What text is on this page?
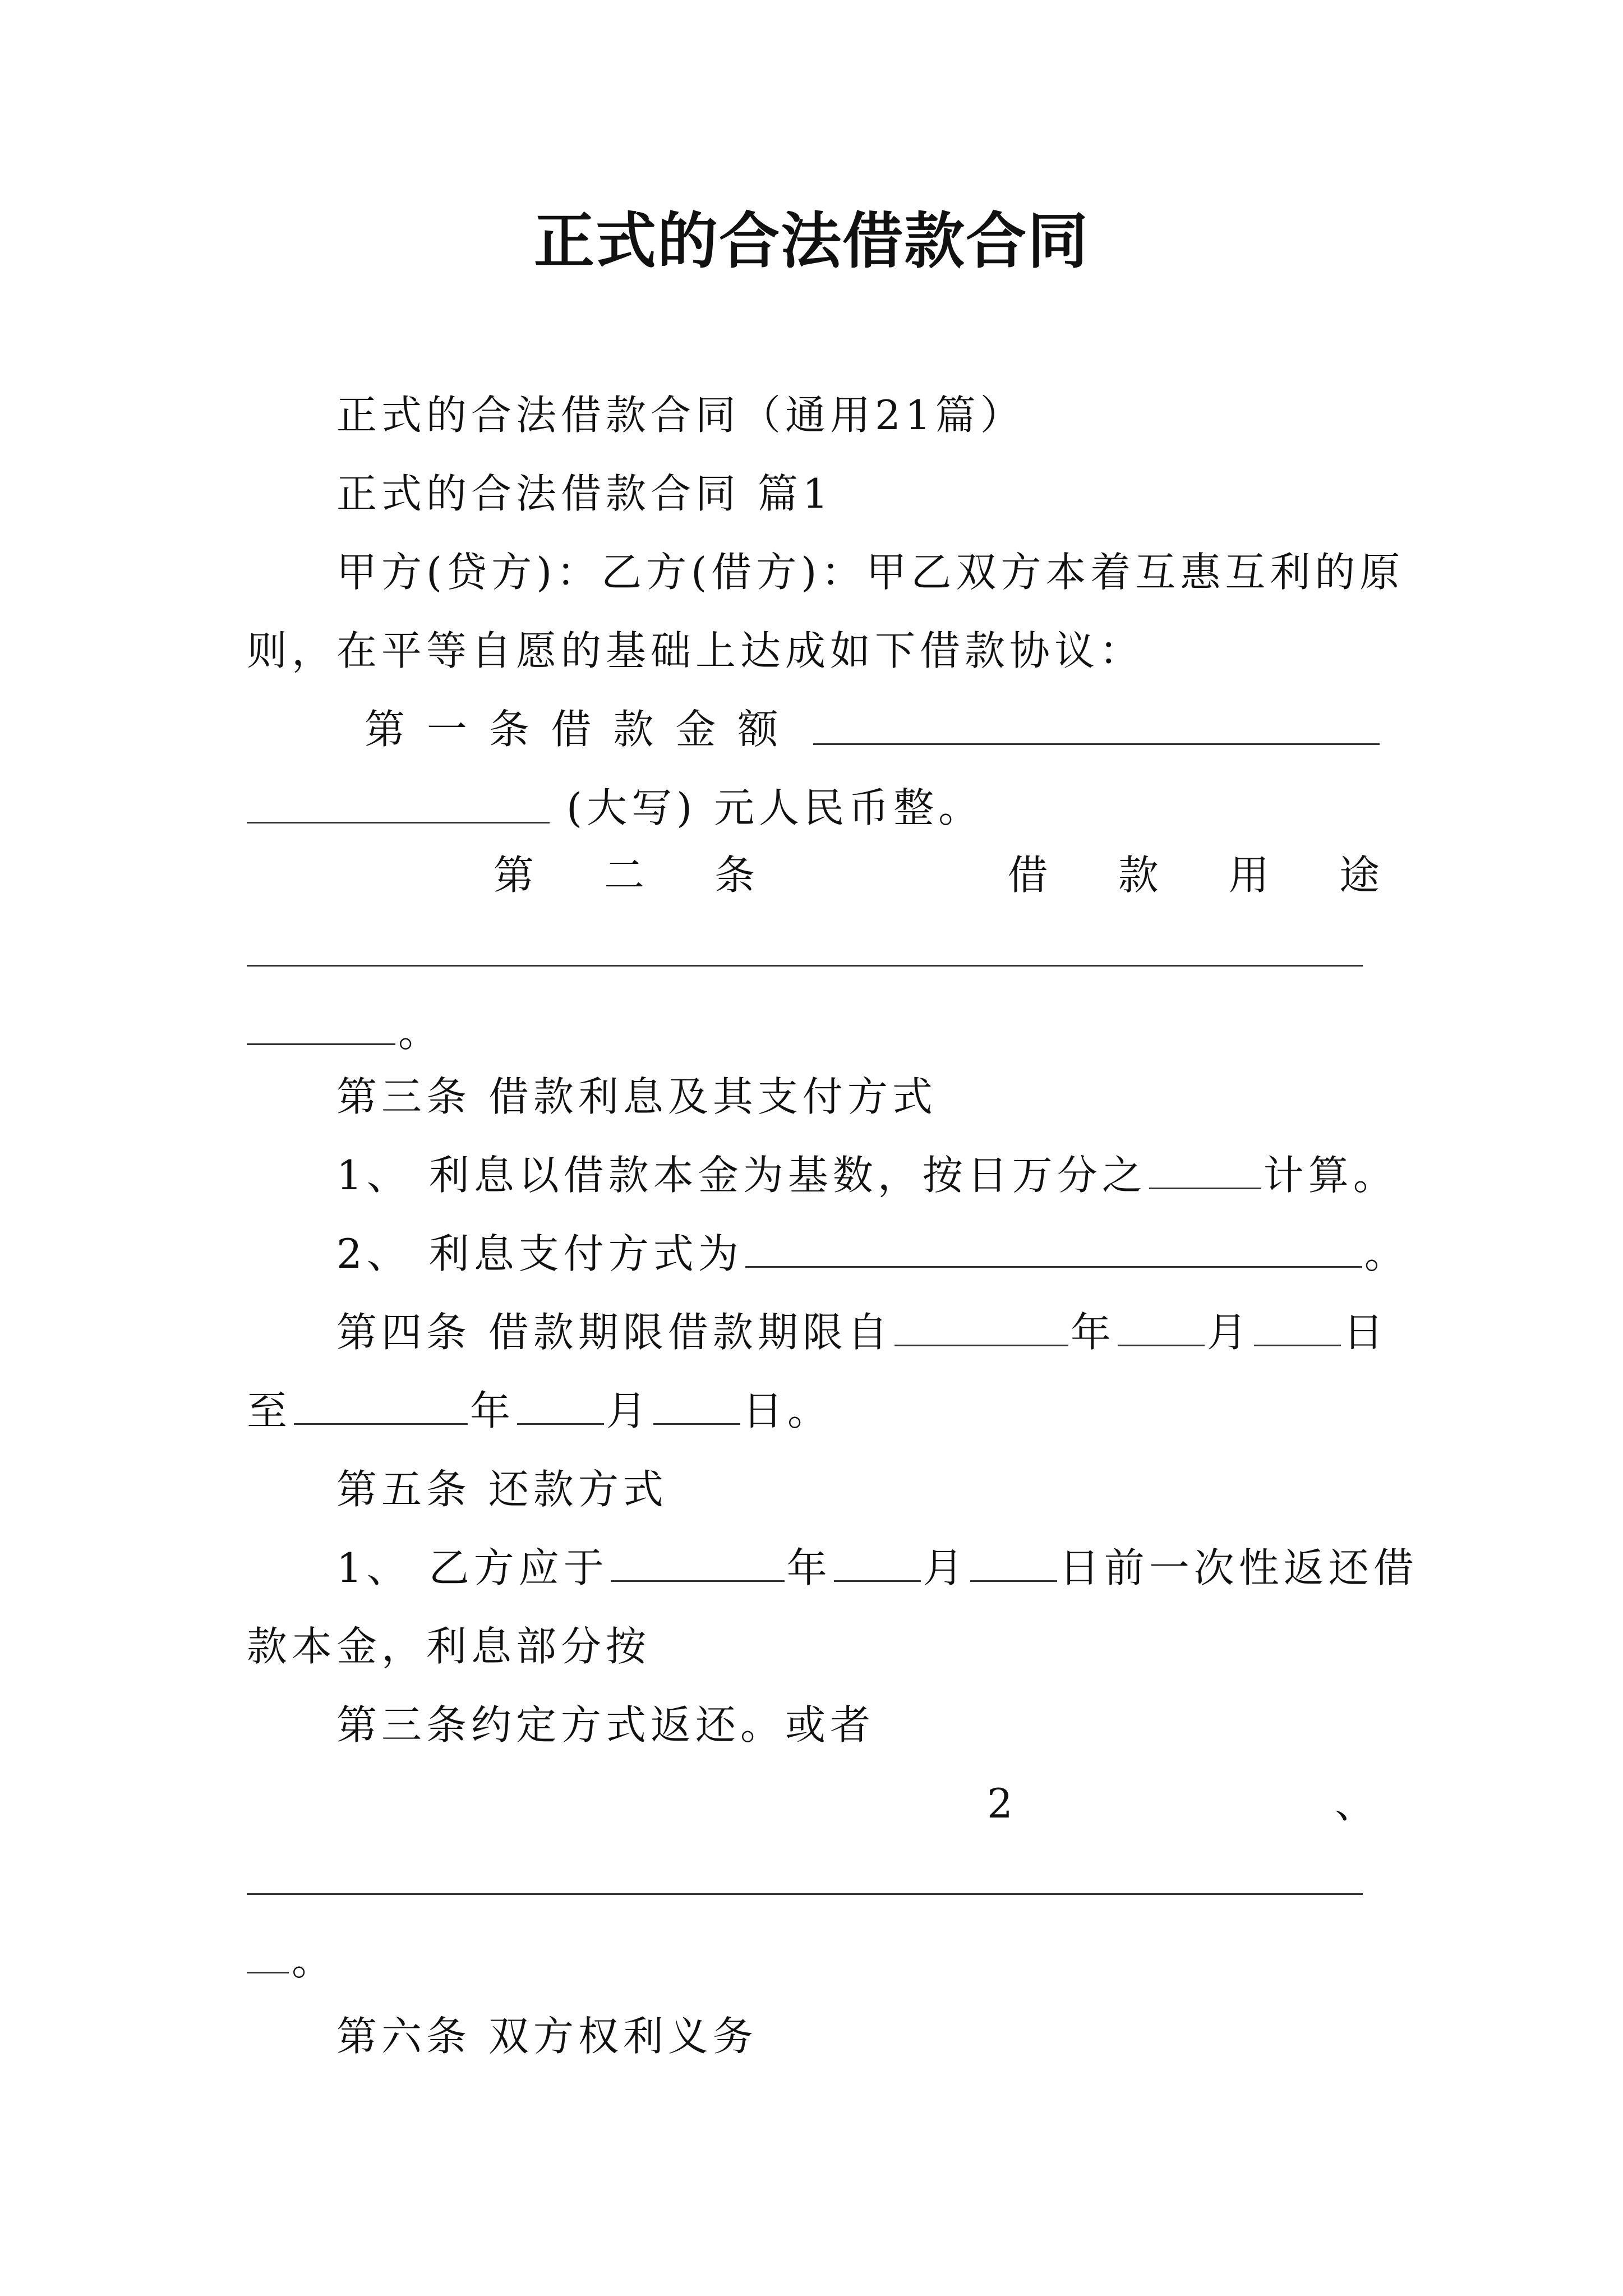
正式的合法借款合同
正式的合法借款合同（通用21篇）
正式的合法借款合同 篇1
甲方(贷方)：乙方(借方)：甲乙双方本着互惠互利的原
则，在平等自愿的基础上达成如下借款协议：
第 一 条 借 款 金 额
(大写) 元人民币整。
第 二 条	借 款 用 途
。
第三条 借款利息及其支付方式
1、 利息以借款本金为基数，按日万分之	计算。
2、 利息支付方式为	。
第四条 借款期限借款期限自	年 月 日
至	年 月 日。
第五条 还款方式
1、 乙方应于	年 月 日前一次性返还借
款本金，利息部分按
第三条约定方式返还。或者
2	、
。
第六条 双方权利义务
